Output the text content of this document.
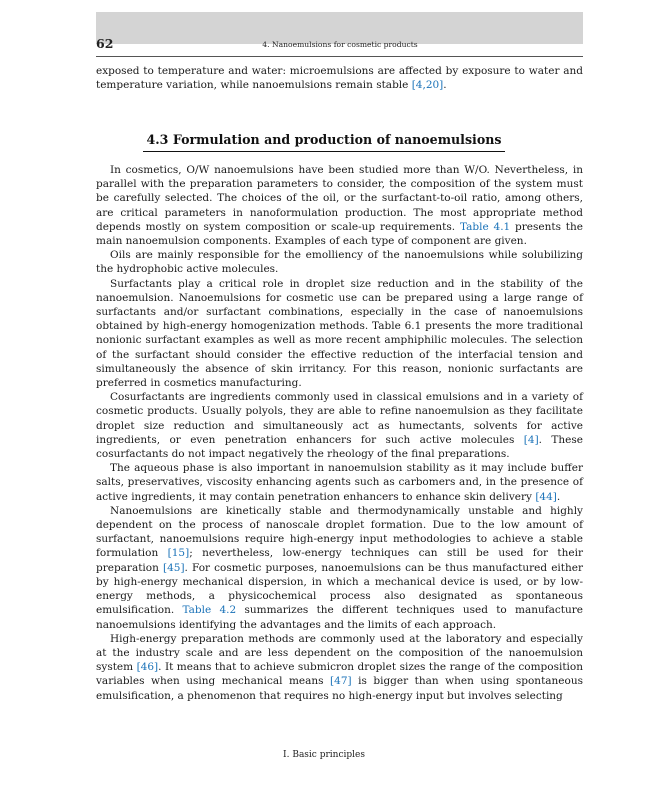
62	4. Nanoemulsions for cosmetic products

exposed to temperature and water: microemulsions are affected by exposure to water and temperature variation, while nanoemulsions remain stable [4,20].

4.3 Formulation and production of nanoemulsions

In cosmetics, O/W nanoemulsions have been studied more than W/O. Nevertheless, in parallel with the preparation parameters to consider, the composition of the system must be carefully selected. The choices of the oil, or the surfactant-to-oil ratio, among others, are critical parameters in nanoformulation production. The most appropriate method depends mostly on system composition or scale-up requirements. Table 4.1 presents the main nanoemulsion components. Examples of each type of component are given.

Oils are mainly responsible for the emolliency of the nanoemulsions while solubilizing the hydrophobic active molecules.

Surfactants play a critical role in droplet size reduction and in the stability of the nanoemulsion. Nanoemulsions for cosmetic use can be prepared using a large range of surfactants and/or surfactant combinations, especially in the case of nanoemulsions obtained by high-energy homogenization methods. Table 6.1 presents the more traditional nonionic surfactant examples as well as more recent amphiphilic molecules. The selection of the surfactant should consider the effective reduction of the interfacial tension and simultaneously the absence of skin irritancy. For this reason, nonionic surfactants are preferred in cosmetics manufacturing.

Cosurfactants are ingredients commonly used in classical emulsions and in a variety of cosmetic products. Usually polyols, they are able to refine nanoemulsion as they facilitate droplet size reduction and simultaneously act as humectants, solvents for active ingredients, or even penetration enhancers for such active molecules [4]. These cosurfactants do not impact negatively the rheology of the final preparations.

The aqueous phase is also important in nanoemulsion stability as it may include buffer salts, preservatives, viscosity enhancing agents such as carbomers and, in the presence of active ingredients, it may contain penetration enhancers to enhance skin delivery [44].

Nanoemulsions are kinetically stable and thermodynamically unstable and highly dependent on the process of nanoscale droplet formation. Due to the low amount of surfactant, nanoemulsions require high-energy input methodologies to achieve a stable formulation [15]; nevertheless, low-energy techniques can still be used for their preparation [45]. For cosmetic purposes, nanoemulsions can be thus manufactured either by high-energy mechanical dispersion, in which a mechanical device is used, or by low-energy methods, a physicochemical process also designated as spontaneous emulsification. Table 4.2 summarizes the different techniques used to manufacture nanoemulsions identifying the advantages and the limits of each approach.

High-energy preparation methods are commonly used at the laboratory and especially at the industry scale and are less dependent on the composition of the nanoemulsion system [46]. It means that to achieve submicron droplet sizes the range of the composition variables when using mechanical means [47] is bigger than when using spontaneous emulsification, a phenomenon that requires no high-energy input but involves selecting

I. Basic principles
